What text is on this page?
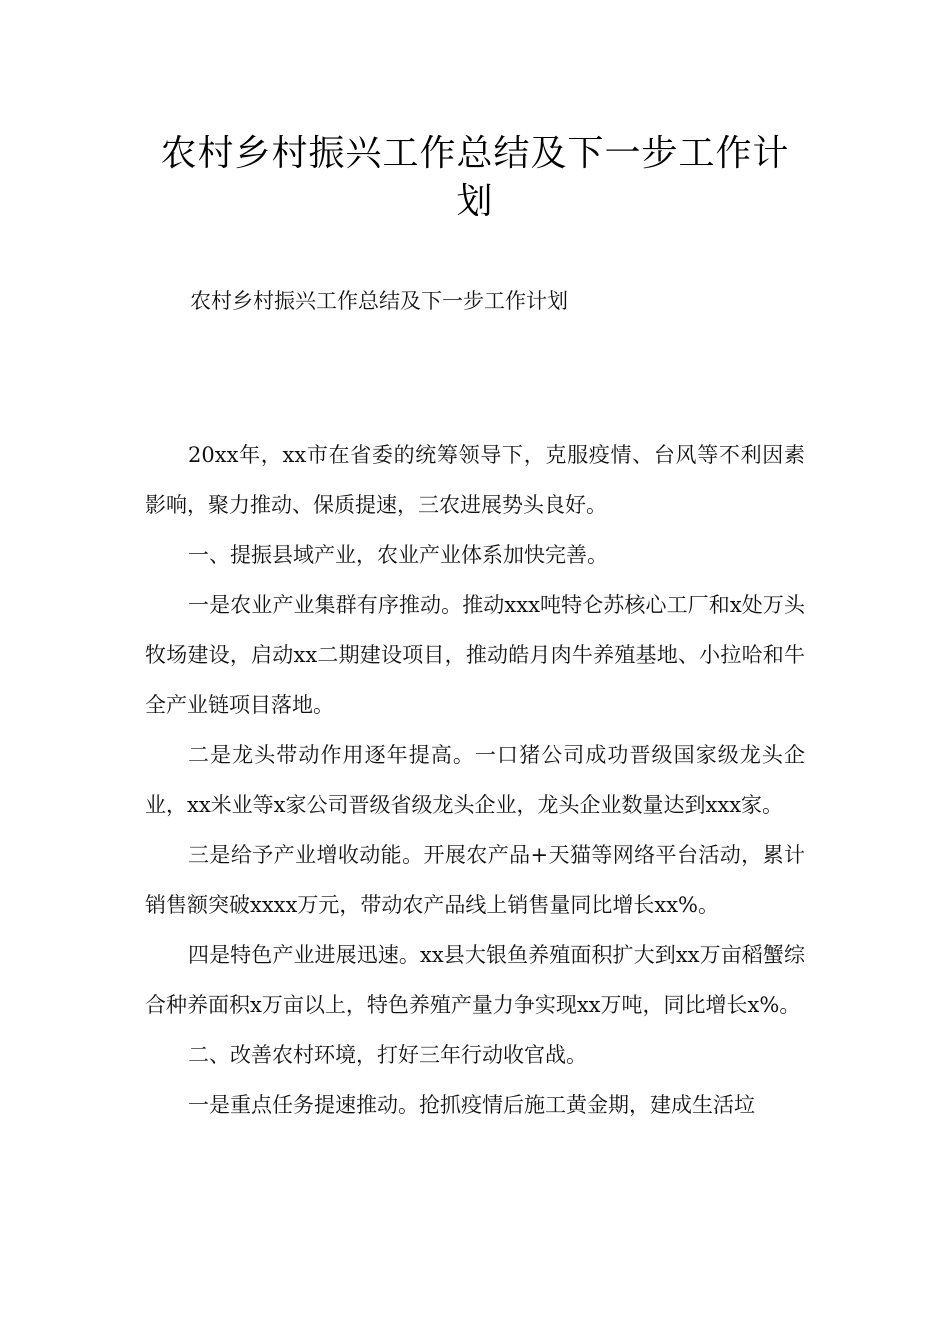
农村乡村振兴工作总结及下一步工作计划
农村乡村振兴工作总结及下一步工作计划

20xx年，xx市在省委的统筹领导下，克服疫情、台风等不利因素影响，聚力推动、保质提速，三农进展势头良好。

一、提振县域产业，农业产业体系加快完善。

一是农业产业集群有序推动。推动xxx吨特仑苏核心工厂和x处万头牧场建设，启动xx二期建设项目，推动皓月肉牛养殖基地、小拉哈和牛全产业链项目落地。

二是龙头带动作用逐年提高。一口猪公司成功晋级国家级龙头企业，xx米业等x家公司晋级省级龙头企业，龙头企业数量达到xxx家。

三是给予产业增收动能。开展农产品+天猫等网络平台活动，累计销售额突破xxxx万元，带动农产品线上销售量同比增长xx%。

四是特色产业进展迅速。xx县大银鱼养殖面积扩大到xx万亩稻蟹综合种养面积x万亩以上，特色养殖产量力争实现xx万吨，同比增长x%。

二、改善农村环境，打好三年行动收官战。

一是重点任务提速推动。抢抓疫情后施工黄金期，建成生活垃
